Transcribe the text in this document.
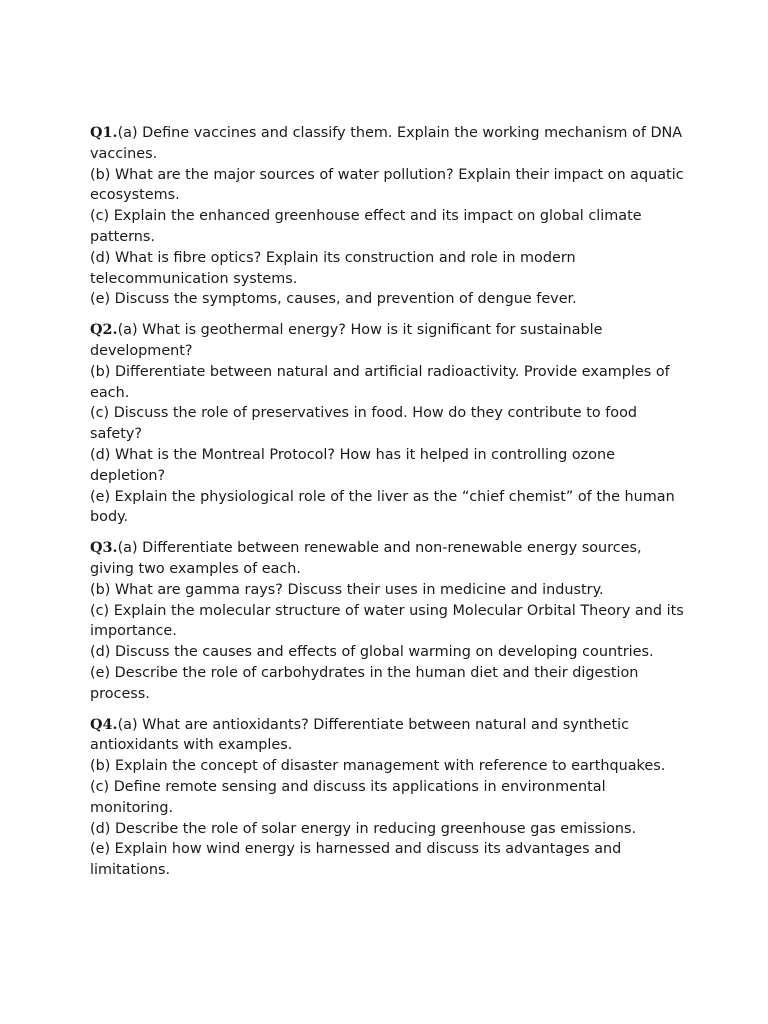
Q1.(a) Define vaccines and classify them. Explain the working mechanism of DNA vaccines.

(b) What are the major sources of water pollution? Explain their impact on aquatic ecosystems.

(c) Explain the enhanced greenhouse effect and its impact on global climate patterns.

(d) What is fibre optics? Explain its construction and role in modern telecommunication systems.

(e) Discuss the symptoms, causes, and prevention of dengue fever.

Q2.(a) What is geothermal energy? How is it significant for sustainable development?

(b) Differentiate between natural and artificial radioactivity. Provide examples of each.

(c) Discuss the role of preservatives in food. How do they contribute to food safety?

(d) What is the Montreal Protocol? How has it helped in controlling ozone depletion?

(e) Explain the physiological role of the liver as the “chief chemist” of the human body.

Q3.(a) Differentiate between renewable and non-renewable energy sources, giving two examples of each.

(b) What are gamma rays? Discuss their uses in medicine and industry.

(c) Explain the molecular structure of water using Molecular Orbital Theory and its importance.

(d) Discuss the causes and effects of global warming on developing countries.

(e) Describe the role of carbohydrates in the human diet and their digestion process.

Q4.(a) What are antioxidants? Differentiate between natural and synthetic antioxidants with examples.

(b) Explain the concept of disaster management with reference to earthquakes.

(c) Define remote sensing and discuss its applications in environmental monitoring.

(d) Describe the role of solar energy in reducing greenhouse gas emissions.

(e) Explain how wind energy is harnessed and discuss its advantages and limitations.
